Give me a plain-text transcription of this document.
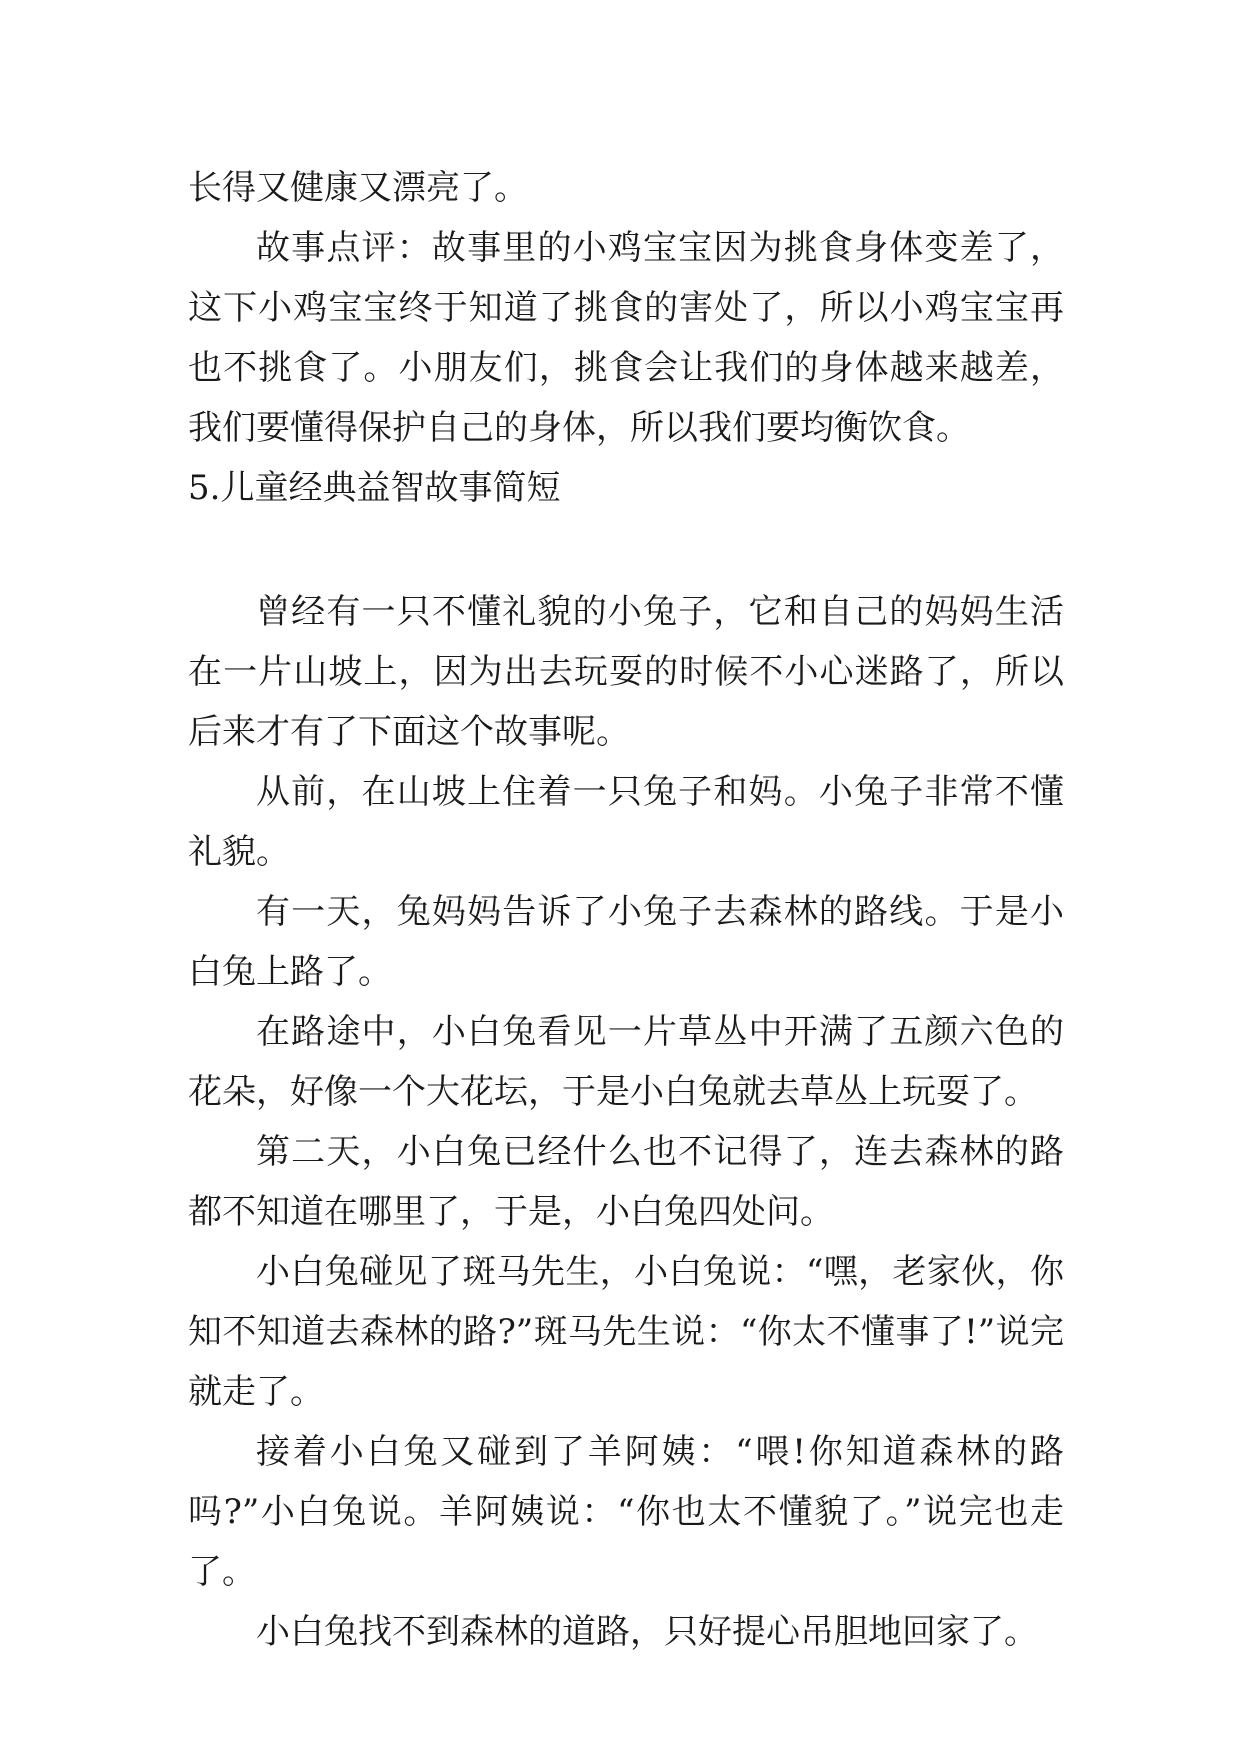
长得又健康又漂亮了。

故事点评：故事里的小鸡宝宝因为挑食身体变差了，这下小鸡宝宝终于知道了挑食的害处了，所以小鸡宝宝再也不挑食了。小朋友们，挑食会让我们的身体越来越差，我们要懂得保护自己的身体，所以我们要均衡饮食。

5.儿童经典益智故事简短

曾经有一只不懂礼貌的小兔子，它和自己的妈妈生活在一片山坡上，因为出去玩耍的时候不小心迷路了，所以后来才有了下面这个故事呢。

从前，在山坡上住着一只兔子和妈。小兔子非常不懂礼貌。

有一天，兔妈妈告诉了小兔子去森林的路线。于是小白兔上路了。

在路途中，小白兔看见一片草丛中开满了五颜六色的花朵，好像一个大花坛，于是小白兔就去草丛上玩耍了。

第二天，小白兔已经什么也不记得了，连去森林的路都不知道在哪里了，于是，小白兔四处问。

小白兔碰见了斑马先生，小白兔说：“嘿，老家伙，你知不知道去森林的路?”斑马先生说：“你太不懂事了!”说完就走了。

接着小白兔又碰到了羊阿姨：“喂!你知道森林的路吗?”小白兔说。羊阿姨说：“你也太不懂貌了。”说完也走了。

小白兔找不到森林的道路，只好提心吊胆地回家了。
